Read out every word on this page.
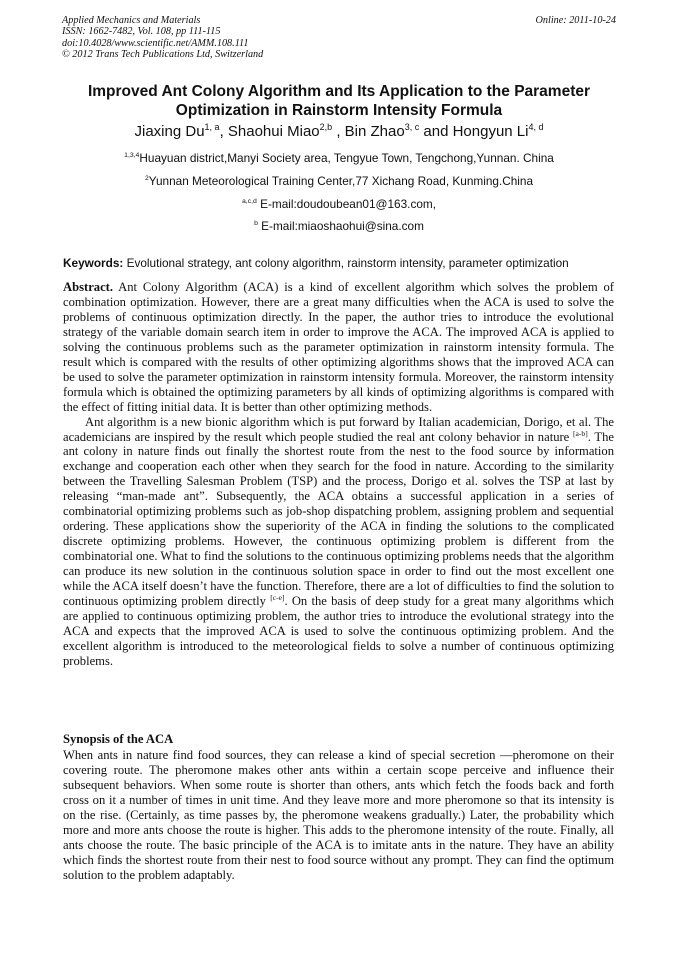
Applied Mechanics and Materials
ISSN: 1662-7482, Vol. 108, pp 111-115
doi:10.4028/www.scientific.net/AMM.108.111
© 2012 Trans Tech Publications Ltd, Switzerland
Online: 2011-10-24
Improved Ant Colony Algorithm and Its Application to the Parameter
Optimization in Rainstorm Intensity Formula
Jiaxing Du$^{1, a}$, Shaohui Miao$^{2,b}$ , Bin Zhao$^{3, c}$ and Hongyun Li$^{4, d}$
$^{1,3,4}$Huayuan district,Manyi Society area, Tengyue Town, Tengchong,Yunnan. China
$^2$Yunnan Meteorological Training Center,77 Xichang Road, Kunming.China
$^{a,c,d}$ E-mail:doudoubean01@163.com,
$^b$ E-mail:miaoshaohui@sina.com
Keywords: Evolutional strategy, ant colony algorithm, rainstorm intensity, parameter optimization

Abstract. Ant Colony Algorithm (ACA) is a kind of excellent algorithm which solves the problem of combination optimization. However, there are a great many difficulties when the ACA is used to solve the problems of continuous optimization directly. In the paper, the author tries to introduce the evolutional strategy of the variable domain search item in order to improve the ACA. The improved ACA is applied to solving the continuous problems such as the parameter optimization in rainstorm intensity formula. The result which is compared with the results of other optimizing algorithms shows that the improved ACA can be used to solve the parameter optimization in rainstorm intensity formula. Moreover, the rainstorm intensity formula which is obtained the optimizing parameters by all kinds of optimizing algorithms is compared with the effect of fitting initial data. It is better than other optimizing methods.

Ant algorithm is a new bionic algorithm which is put forward by Italian academician, Dorigo, et al. The academicians are inspired by the result which people studied the real ant colony behavior in nature [a-b]. The ant colony in nature finds out finally the shortest route from the nest to the food source by information exchange and cooperation each other when they search for the food in nature. According to the similarity between the Travelling Salesman Problem (TSP) and the process, Dorigo et al. solves the TSP at last by releasing “man-made ant”. Subsequently, the ACA obtains a successful application in a series of combinatorial optimizing problems such as job-shop dispatching problem, assigning problem and sequential ordering. These applications show the superiority of the ACA in finding the solutions to the complicated discrete optimizing problems. However, the continuous optimizing problem is different from the combinatorial one. What to find the solutions to the continuous optimizing problems needs that the algorithm can produce its new solution in the continuous solution space in order to find out the most excellent one while the ACA itself doesn’t have the function. Therefore, there are a lot of difficulties to find the solution to continuous optimizing problem directly [c-e]. On the basis of deep study for a great many algorithms which are applied to continuous optimizing problem, the author tries to introduce the evolutional strategy into the ACA and expects that the improved ACA is used to solve the continuous optimizing problem. And the excellent algorithm is introduced to the meteorological fields to solve a number of continuous optimizing problems.

Synopsis of the ACA

When ants in nature find food sources, they can release a kind of special secretion —pheromone on their covering route. The pheromone makes other ants within a certain scope perceive and influence their subsequent behaviors. When some route is shorter than others, ants which fetch the foods back and forth cross on it a number of times in unit time. And they leave more and more pheromone so that its intensity is on the rise. (Certainly, as time passes by, the pheromone weakens gradually.) Later, the probability which more and more ants choose the route is higher. This adds to the pheromone intensity of the route. Finally, all ants choose the route. The basic principle of the ACA is to imitate ants in the nature. They have an ability which finds the shortest route from their nest to food source without any prompt. They can find the optimum solution to the problem adaptably.
